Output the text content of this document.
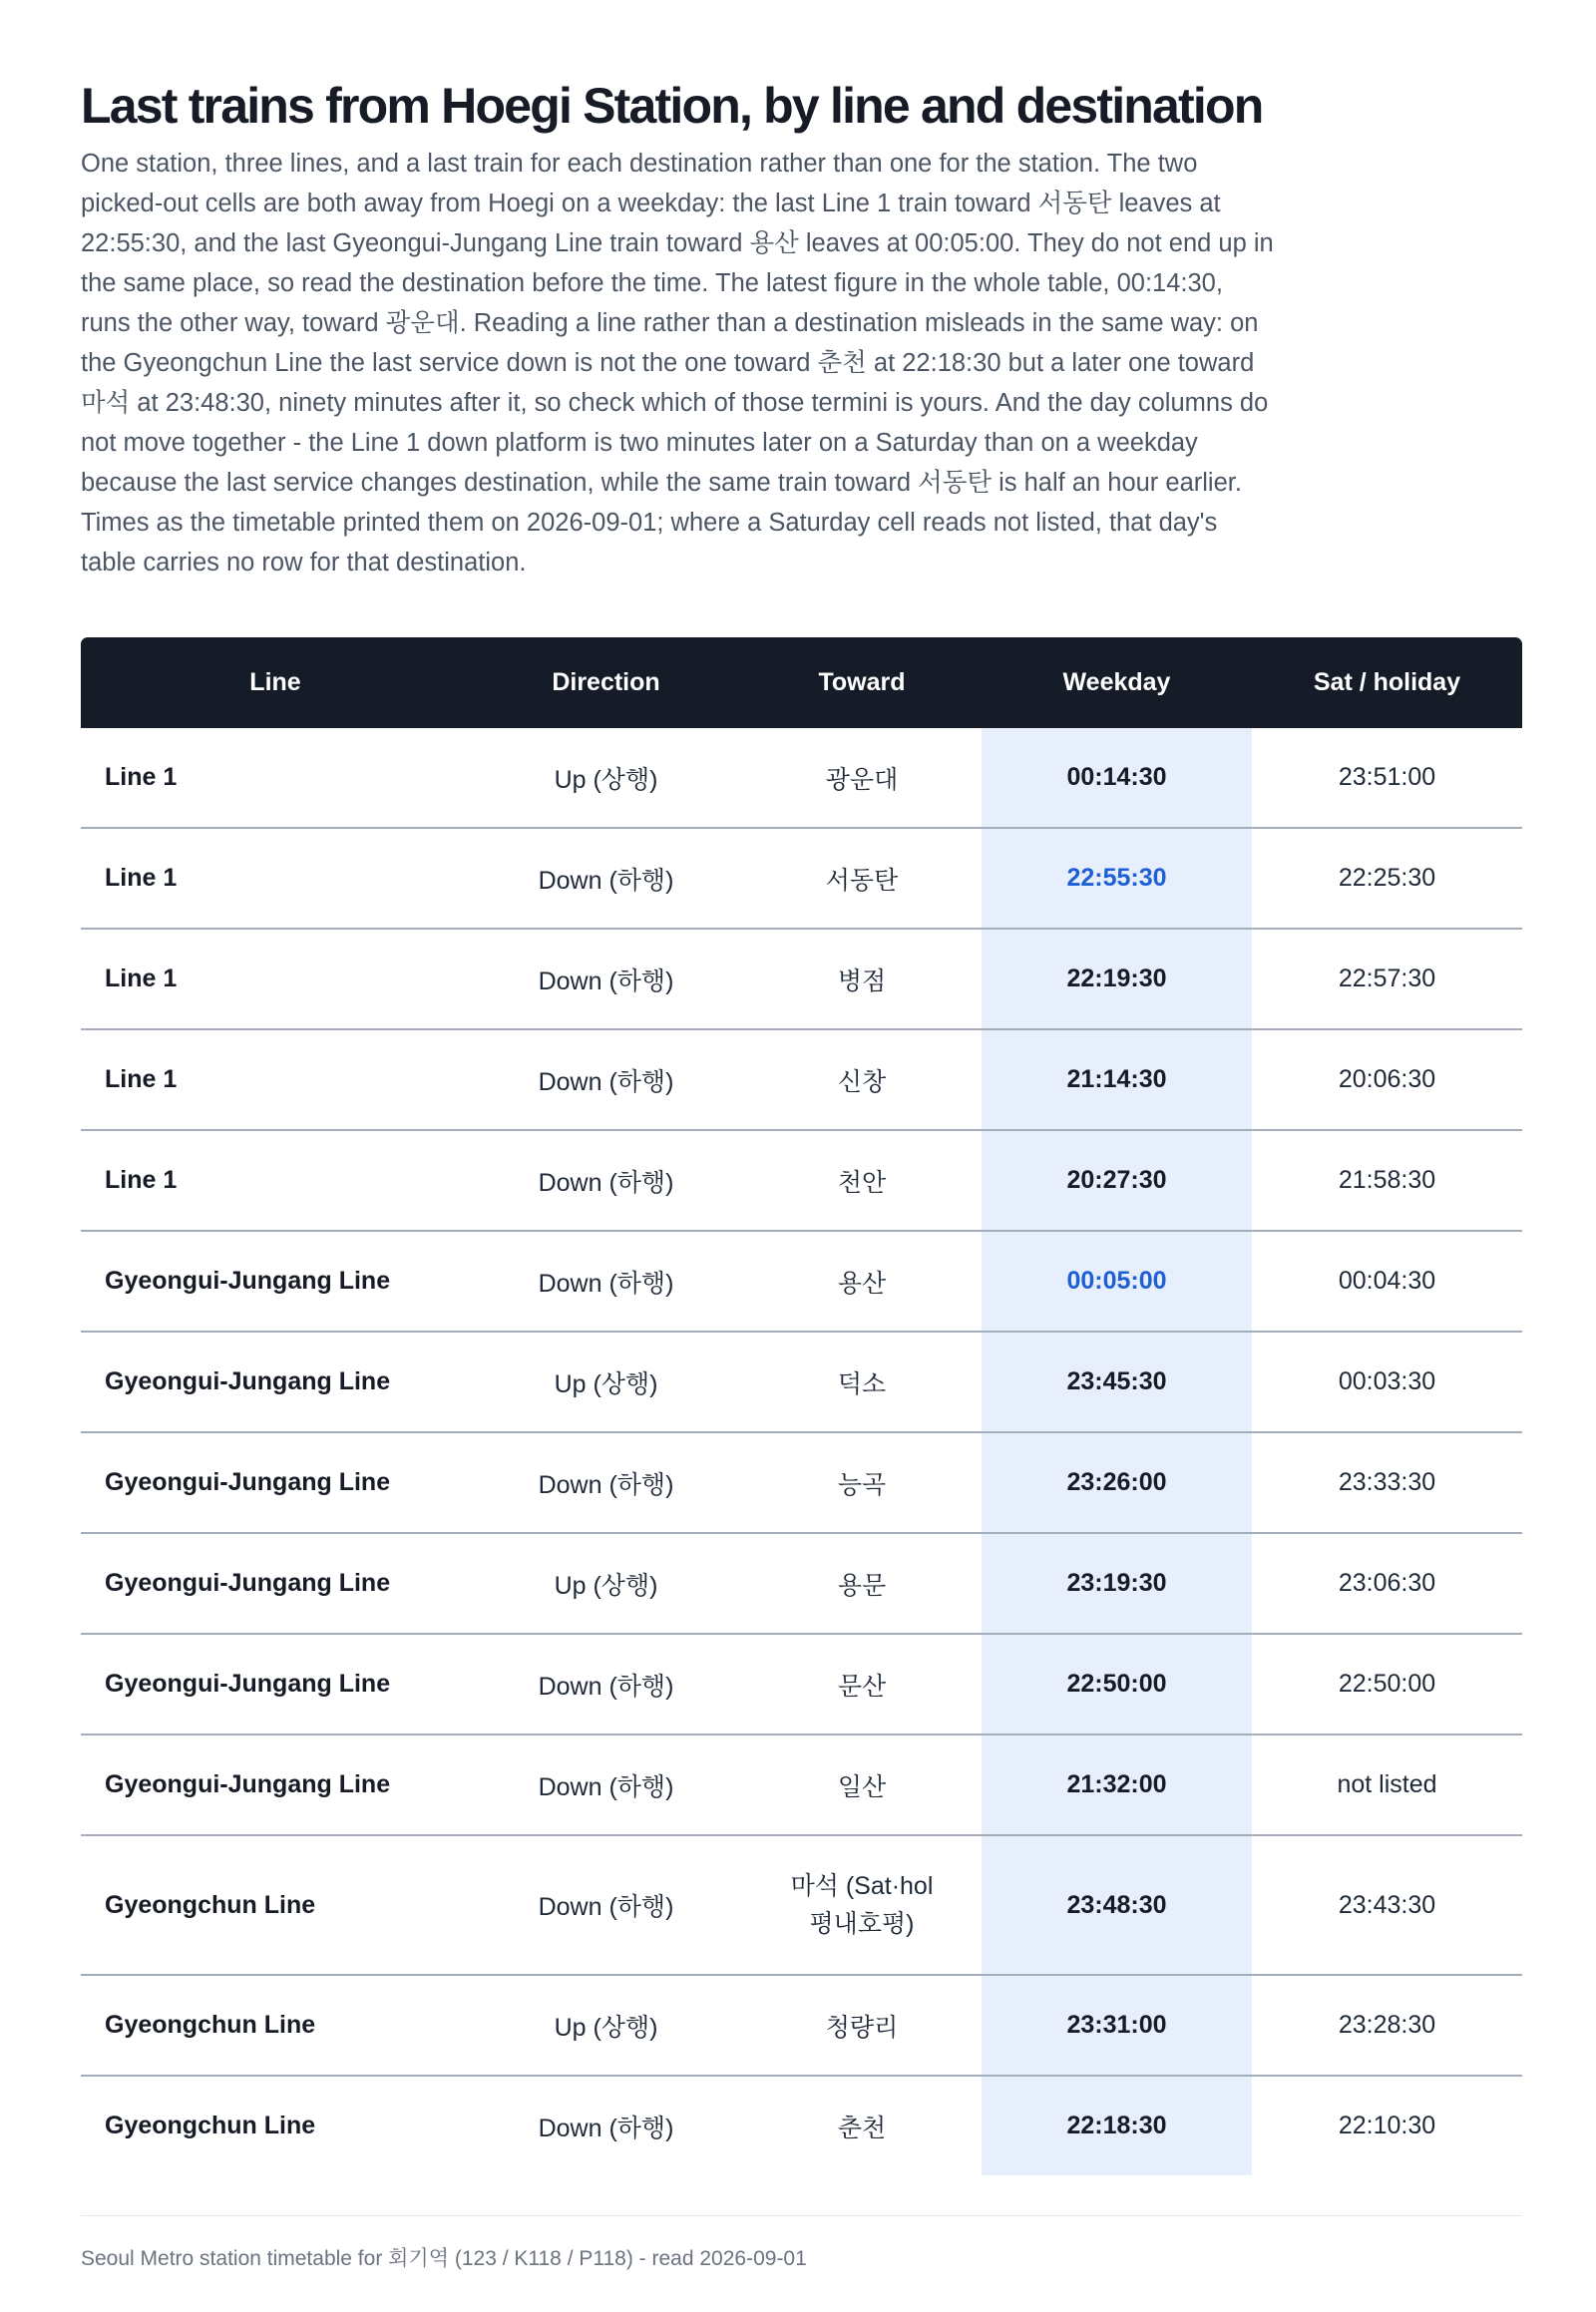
Last trains from Hoegi Station, by line and destination

One station, three lines, and a last train for each destination rather than one for the station. The two picked-out cells are both away from Hoegi on a weekday: the last Line 1 train toward 서동탄 leaves at 22:55:30, and the last Gyeongui-Jungang Line train toward 용산 leaves at 00:05:00. They do not end up in the same place, so read the destination before the time. The latest figure in the whole table, 00:14:30, runs the other way, toward 광운대. Reading a line rather than a destination misleads in the same way: on the Gyeongchun Line the last service down is not the one toward 춘천 at 22:18:30 but a later one toward 마석 at 23:48:30, ninety minutes after it, so check which of those termini is yours. And the day columns do not move together - the Line 1 down platform is two minutes later on a Saturday than on a weekday because the last service changes destination, while the same train toward 서동탄 is half an hour earlier. Times as the timetable printed them on 2026-09-01; where a Saturday cell reads not listed, that day's table carries no row for that destination.

Line	Direction	Toward	Weekday	Sat / holiday
Line 1	Up (상행)	광운대	00:14:30	23:51:00
Line 1	Down (하행)	서동탄	22:55:30	22:25:30
Line 1	Down (하행)	병점	22:19:30	22:57:30
Line 1	Down (하행)	신창	21:14:30	20:06:30
Line 1	Down (하행)	천안	20:27:30	21:58:30
Gyeongui-Jungang Line	Down (하행)	용산	00:05:00	00:04:30
Gyeongui-Jungang Line	Up (상행)	덕소	23:45:30	00:03:30
Gyeongui-Jungang Line	Down (하행)	능곡	23:26:00	23:33:30
Gyeongui-Jungang Line	Up (상행)	용문	23:19:30	23:06:30
Gyeongui-Jungang Line	Down (하행)	문산	22:50:00	22:50:00
Gyeongui-Jungang Line	Down (하행)	일산	21:32:00	not listed
Gyeongchun Line	Down (하행)	마석 (Sat·hol
평내호평)	23:48:30	23:43:30
Gyeongchun Line	Up (상행)	청량리	23:31:00	23:28:30
Gyeongchun Line	Down (하행)	춘천	22:18:30	22:10:30
Seoul Metro station timetable for 회기역 (123 / K118 / P118) - read 2026-09-01
